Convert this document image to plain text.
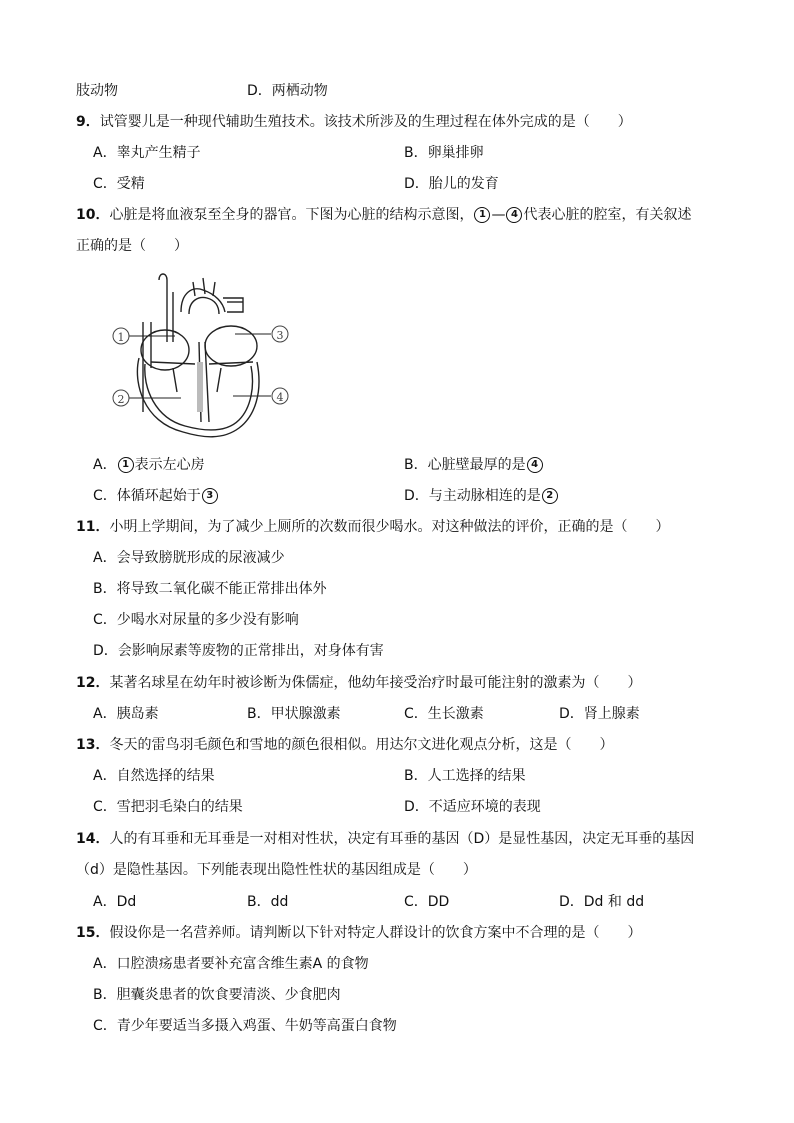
肢动物	D．两栖动物
9．试管婴儿是一种现代辅助生殖技术。该技术所涉及的生理过程在体外完成的是（　　）
A．睾丸产生精子	B．卵巢排卵
C．受精	D．胎儿的发育
10．心脏是将血液泵至全身的器官。下图为心脏的结构示意图， 1 — 4 代表心脏的腔室，有关叙述
正确的是（　　）
1
2
3
4
A． 1 表示左心房	B．心脏壁最厚的是 4
C．体循环起始于 3	D．与主动脉相连的是 2
11．小明上学期间，为了减少上厕所的次数而很少喝水。对这种做法的评价，正确的是（　　）
A．会导致膀胱形成的尿液减少
B．将导致二氧化碳不能正常排出体外
C．少喝水对尿量的多少没有影响
D．会影响尿素等废物的正常排出，对身体有害
12．某著名球星在幼年时被诊断为侏儒症，他幼年接受治疗时最可能注射的激素为（　　）
A．胰岛素	B．甲状腺激素	C．生长激素	D．肾上腺素
13．冬天的雷鸟羽毛颜色和雪地的颜色很相似。用达尔文进化观点分析，这是（　　）
A．自然选择的结果	B．人工选择的结果
C．雪把羽毛染白的结果	D．不适应环境的表现
14．人的有耳垂和无耳垂是一对相对性状，决定有耳垂的基因（D）是显性基因，决定无耳垂的基因
（d）是隐性基因。下列能表现出隐性性状的基因组成是（　　）
A．Dd	B．dd	C．DD	D．Dd 和 dd
15．假设你是一名营养师。请判断以下针对特定人群设计的饮食方案中不合理的是（　　）
A．口腔溃疡患者要补充富含维生素A 的食物
B．胆囊炎患者的饮食要清淡、少食肥肉
C．青少年要适当多摄入鸡蛋、牛奶等高蛋白食物
